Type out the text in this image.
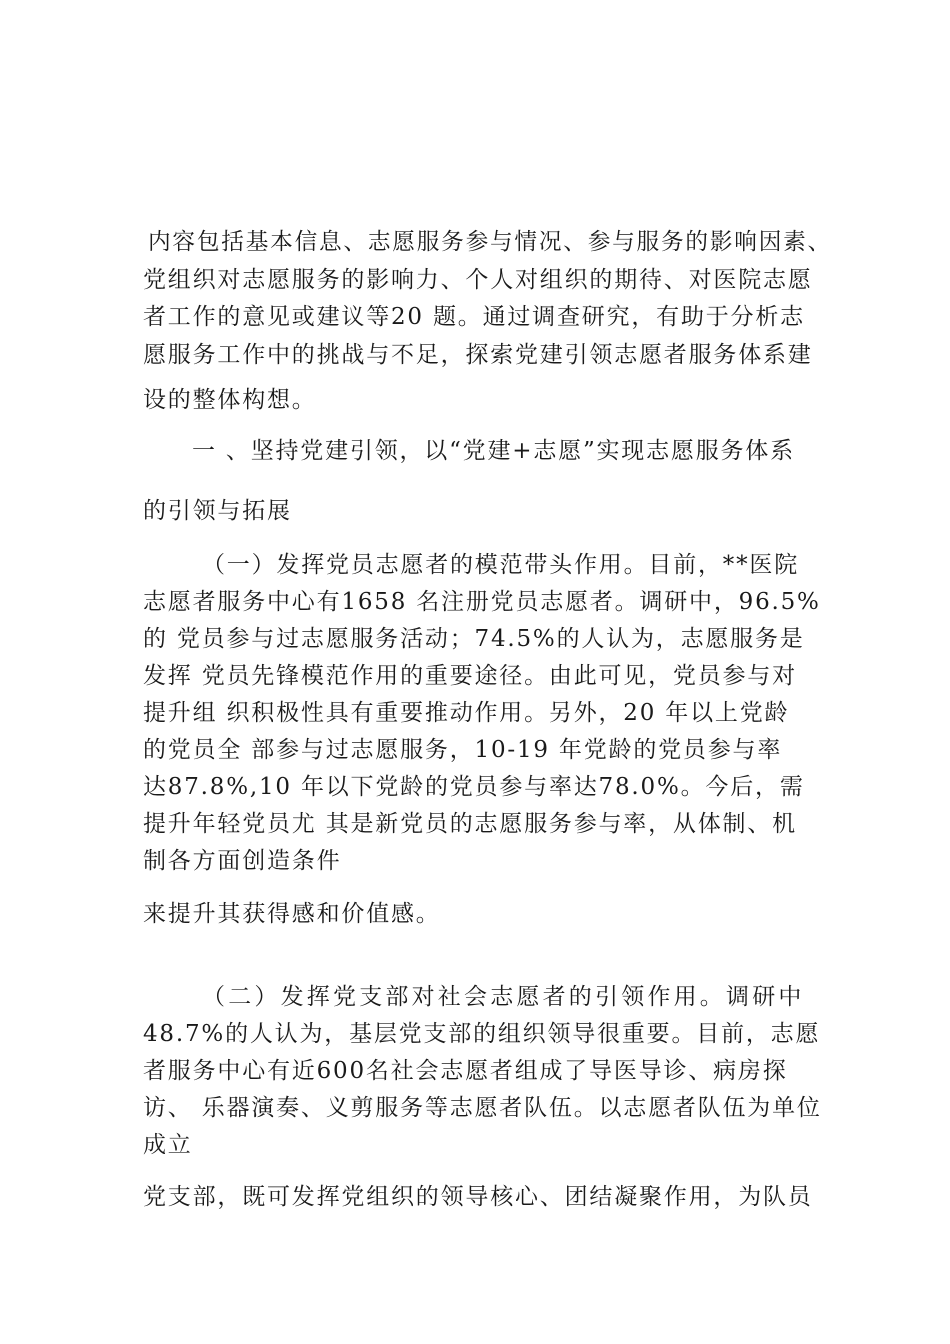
内容包括基本信息、志愿服务参与情况、参与服务的影响因素、
党组织对志愿服务的影响力、个人对组织的期待、对医院志愿
者工作的意见或建议等20 题。通过调查研究，有助于分析志
愿服务工作中的挑战与不足，探索党建引领志愿者服务体系建
设的整体构想。
一 、坚持党建引领，以“党建+志愿”实现志愿服务体系
的引领与拓展
（一）发挥党员志愿者的模范带头作用。目前，**医院
志愿者服务中心有1658 名注册党员志愿者。调研中，96.5%
的 党员参与过志愿服务活动；74.5%的人认为，志愿服务是
发挥 党员先锋模范作用的重要途径。由此可见，党员参与对
提升组 织积极性具有重要推动作用。另外，20 年以上党龄
的党员全 部参与过志愿服务，10-19 年党龄的党员参与率
达87.8%,10 年以下党龄的党员参与率达78.0%。今后，需
提升年轻党员尤 其是新党员的志愿服务参与率，从体制、机
制各方面创造条件
来提升其获得感和价值感。
（二）发挥党支部对社会志愿者的引领作用。调研中
48.7%的人认为，基层党支部的组织领导很重要。目前，志愿
者服务中心有近600名社会志愿者组成了导医导诊、病房探
访、 乐器演奏、义剪服务等志愿者队伍。以志愿者队伍为单位
成立
党支部，既可发挥党组织的领导核心、团结凝聚作用，为队员
